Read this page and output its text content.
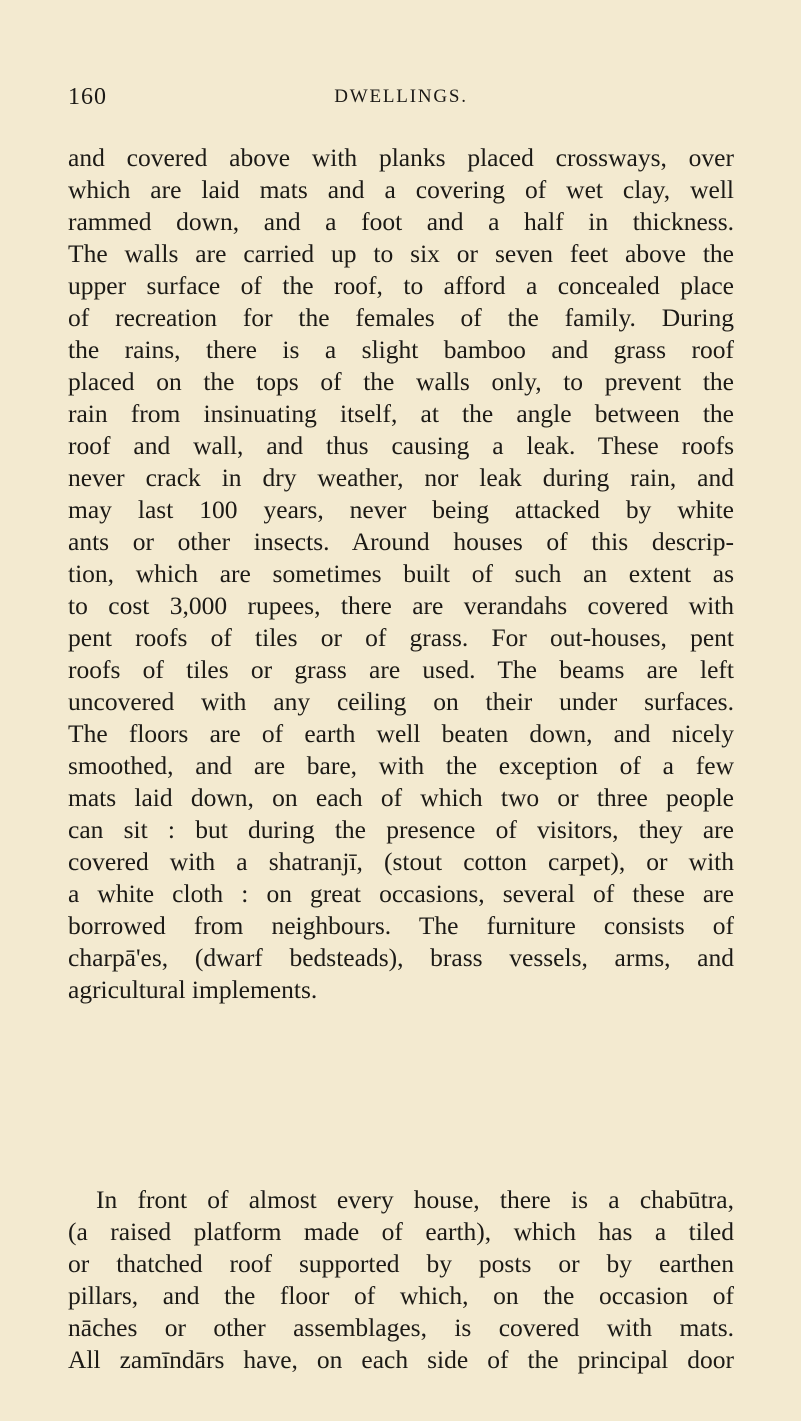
160	DWELLINGS.

and covered above with planks placed crossways, over
which are laid mats and a covering of wet clay, well
rammed down, and a foot and a half in thickness.
The walls are carried up to six or seven feet above the
upper surface of the roof, to afford a concealed place
of recreation for the females of the family. During
the rains, there is a slight bamboo and grass roof
placed on the tops of the walls only, to prevent the
rain from insinuating itself, at the angle between the
roof and wall, and thus causing a leak. These roofs
never crack in dry weather, nor leak during rain, and
may last 100 years, never being attacked by white
ants or other insects. Around houses of this descrip-
tion, which are sometimes built of such an extent as
to cost 3,000 rupees, there are verandahs covered with
pent roofs of tiles or of grass. For out-houses, pent
roofs of tiles or grass are used. The beams are left
uncovered with any ceiling on their under surfaces.
The floors are of earth well beaten down, and nicely
smoothed, and are bare, with the exception of a few
mats laid down, on each of which two or three people
can sit : but during the presence of visitors, they are
covered with a shatranjī, (stout cotton carpet), or with
a white cloth : on great occasions, several of these are
borrowed from neighbours. The furniture consists of
charpā'es, (dwarf bedsteads), brass vessels, arms, and
agricultural implements.

In front of almost every house, there is a chabūtra,
(a raised platform made of earth), which has a tiled
or thatched roof supported by posts or by earthen
pillars, and the floor of which, on the occasion of
nāches or other assemblages, is covered with mats.
All zamīndārs have, on each side of the principal door
